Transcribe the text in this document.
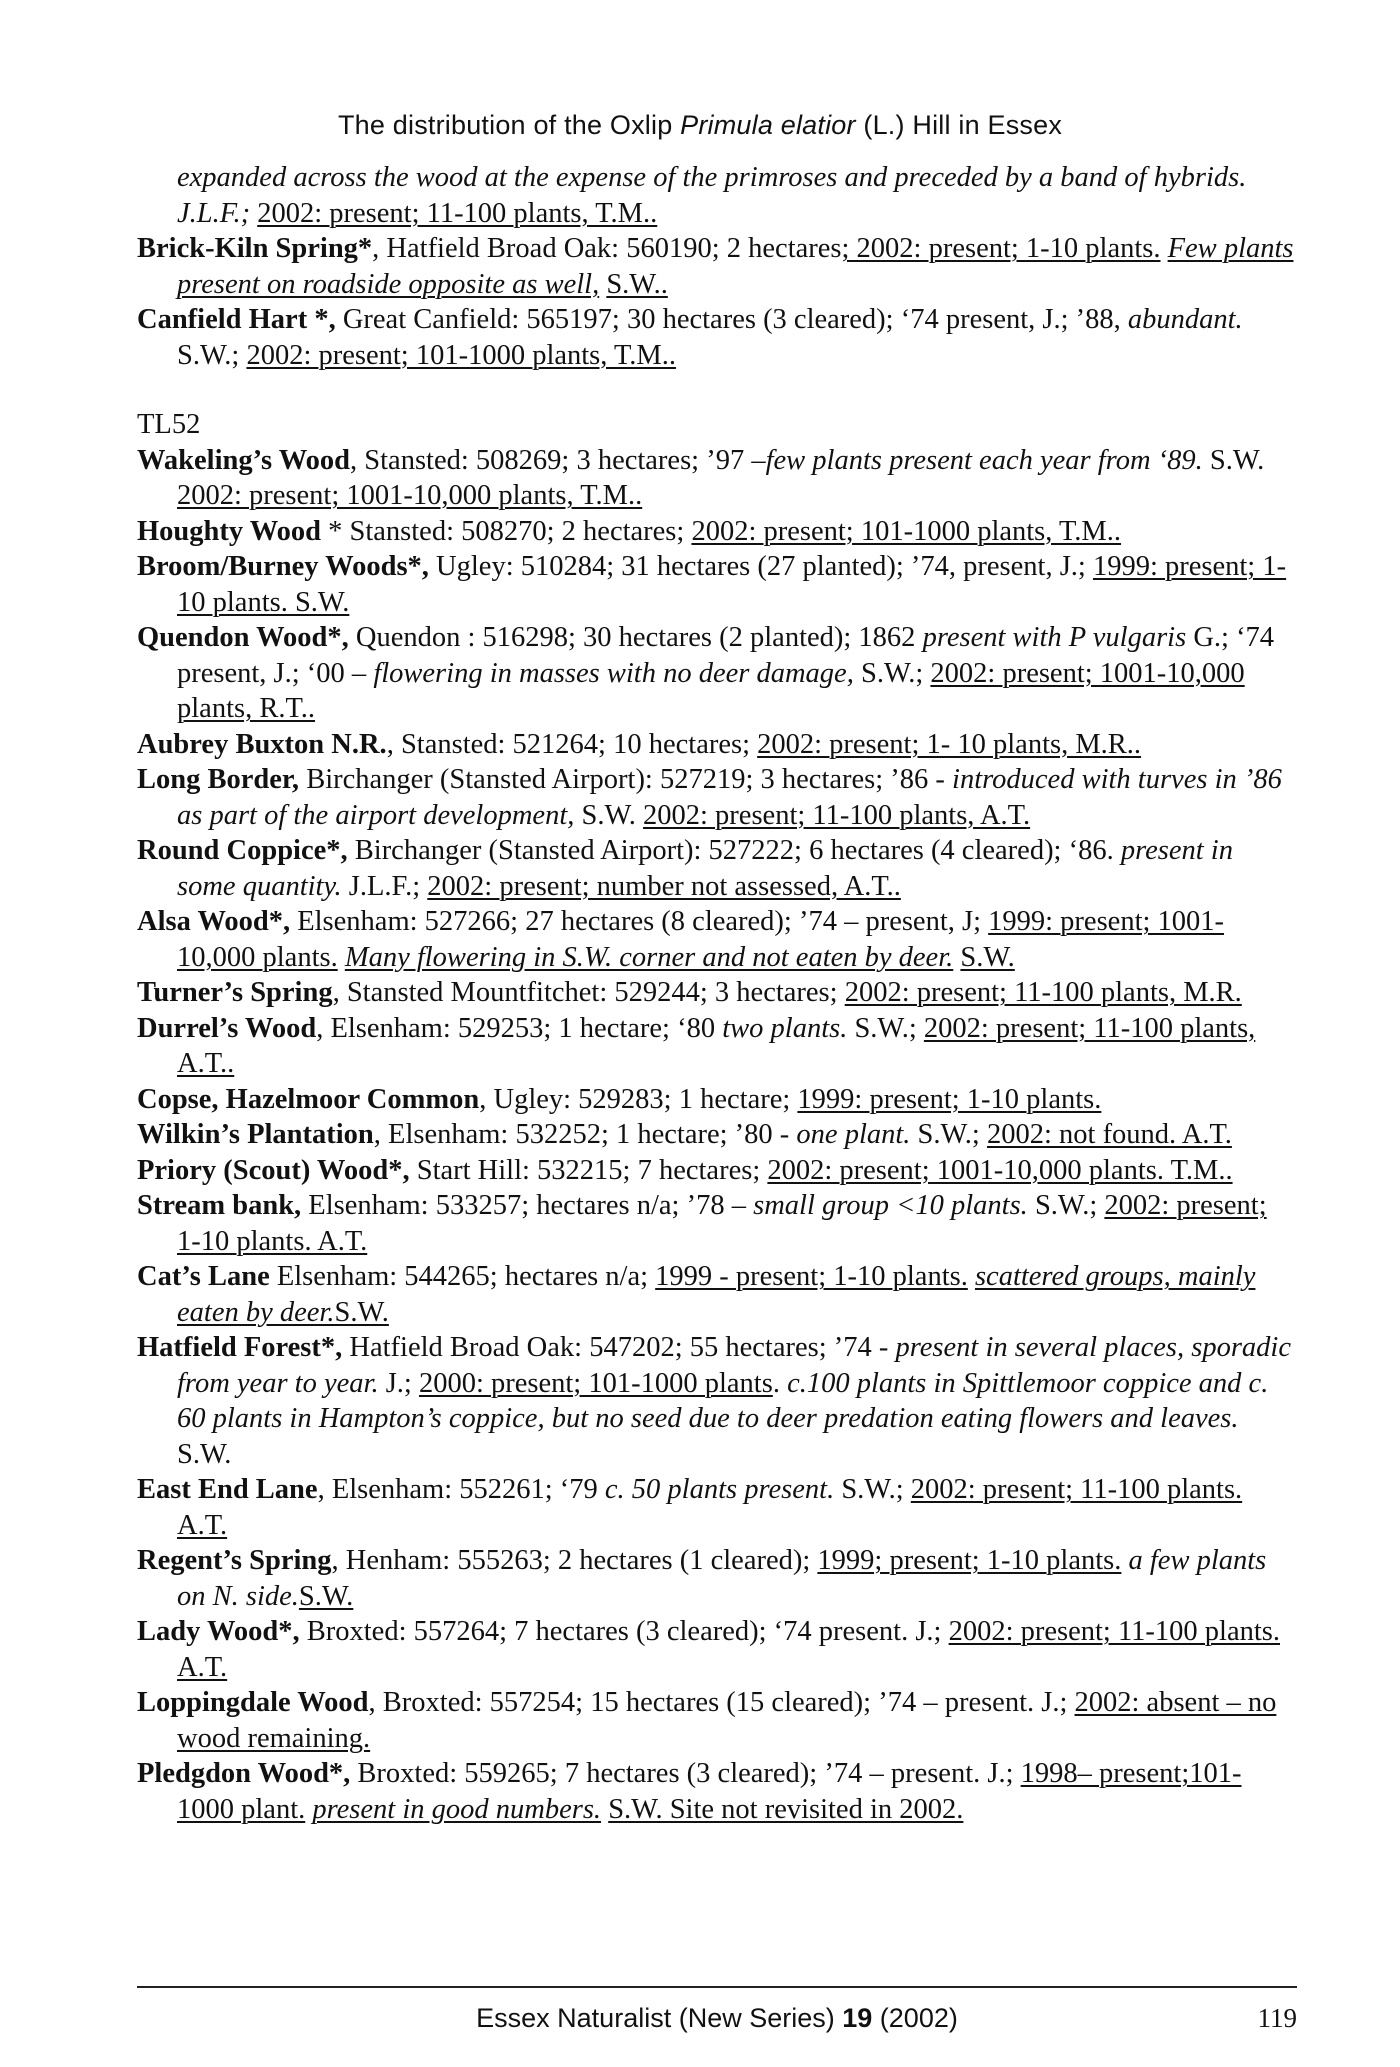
The distribution of the Oxlip Primula elatior (L.) Hill in Essex

expanded across the wood at the expense of the primroses and preceded by a band of hybrids. J.L.F.; 2002: present; 11-100 plants, T.M..

Brick-Kiln Spring*, Hatfield Broad Oak: 560190; 2 hectares; 2002: present; 1-10 plants. Few plants present on roadside opposite as well, S.W..

Canfield Hart *, Great Canfield: 565197; 30 hectares (3 cleared); ‘74 present, J.; ’88, abundant. S.W.; 2002: present; 101-1000 plants, T.M..

TL52

Wakeling’s Wood, Stansted: 508269; 3 hectares; ’97 –few plants present each year from ‘89. S.W. 2002: present; 1001-10,000 plants, T.M..

Houghty Wood * Stansted: 508270; 2 hectares; 2002: present; 101-1000 plants, T.M..

Broom/Burney Woods*, Ugley: 510284; 31 hectares (27 planted); ’74, present, J.; 1999: present; 1- 10 plants. S.W.

Quendon Wood*, Quendon : 516298; 30 hectares (2 planted); 1862 present with P vulgaris G.; ‘74 present, J.; ‘00 – flowering in masses with no deer damage, S.W.; 2002: present; 1001-10,000 plants, R.T..

Aubrey Buxton N.R., Stansted: 521264; 10 hectares; 2002: present; 1- 10 plants, M.R..

Long Border, Birchanger (Stansted Airport): 527219; 3 hectares; ’86 - introduced with turves in ’86 as part of the airport development, S.W. 2002: present; 11-100 plants, A.T.

Round Coppice*, Birchanger (Stansted Airport): 527222; 6 hectares (4 cleared); ‘86. present in some quantity. J.L.F.; 2002: present; number not assessed, A.T..

Alsa Wood*, Elsenham: 527266; 27 hectares (8 cleared); ’74 – present, J; 1999: present; 1001-10,000 plants. Many flowering in S.W. corner and not eaten by deer. S.W.

Turner’s Spring, Stansted Mountfitchet: 529244; 3 hectares; 2002: present; 11-100 plants, M.R.

Durrel’s Wood, Elsenham: 529253; 1 hectare; ‘80 two plants. S.W.; 2002: present; 11-100 plants, A.T..

Copse, Hazelmoor Common, Ugley: 529283; 1 hectare; 1999: present; 1-10 plants.

Wilkin’s Plantation, Elsenham: 532252; 1 hectare; ’80 - one plant. S.W.; 2002: not found. A.T.

Priory (Scout) Wood*, Start Hill: 532215; 7 hectares; 2002: present; 1001-10,000 plants. T.M..

Stream bank, Elsenham: 533257; hectares n/a; ’78 – small group <10 plants. S.W.; 2002: present; 1-10 plants. A.T.

Cat’s Lane Elsenham: 544265; hectares n/a; 1999 - present; 1-10 plants. scattered groups, mainly eaten by deer.S.W.

Hatfield Forest*, Hatfield Broad Oak: 547202; 55 hectares; ’74 - present in several places, sporadic from year to year. J.; 2000: present; 101-1000 plants. c.100 plants in Spittlemoor coppice and c. 60 plants in Hampton’s coppice, but no seed due to deer predation eating flowers and leaves. S.W.

East End Lane, Elsenham: 552261; ‘79 c. 50 plants present. S.W.; 2002: present; 11-100 plants. A.T.

Regent’s Spring, Henham: 555263; 2 hectares (1 cleared); 1999; present; 1-10 plants. a few plants on N. side.S.W.

Lady Wood*, Broxted: 557264; 7 hectares (3 cleared); ‘74 present. J.; 2002: present; 11-100 plants. A.T.

Loppingdale Wood, Broxted: 557254; 15 hectares (15 cleared); ’74 – present. J.; 2002: absent – no wood remaining.

Pledgdon Wood*, Broxted: 559265; 7 hectares (3 cleared); ’74 – present. J.; 1998– present;101-1000 plant. present in good numbers. S.W. Site not revisited in 2002.

Essex Naturalist (New Series) 19 (2002)	119
